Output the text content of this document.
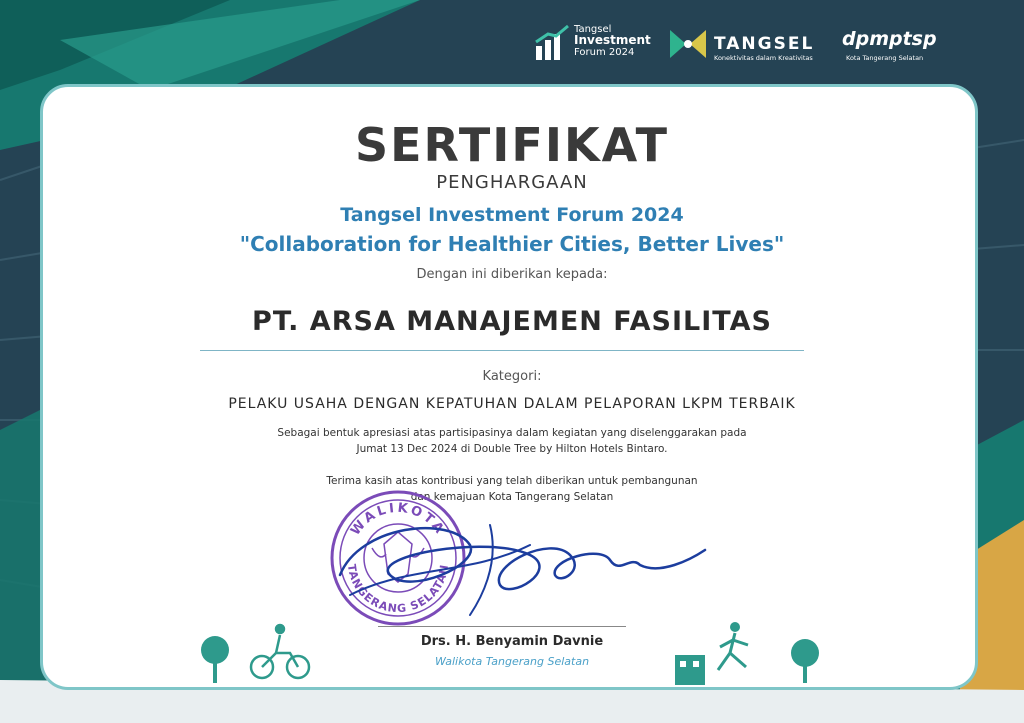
Tangsel
Investment
Forum 2024	TANGSEL
Konektivitas dalam Kreativitas
dpmptsp
Kota Tangerang Selatan
SERTIFIKAT
PENGHARGAAN
Tangsel Investment Forum 2024
"Collaboration for Healthier Cities, Better Lives"
Dengan ini diberikan kepada:
PT. ARSA MANAJEMEN FASILITAS
Kategori:
PELAKU USAHA DENGAN KEPATUHAN DALAM PELAPORAN LKPM TERBAIK
Sebagai bentuk apresiasi atas partisipasinya dalam kegiatan yang diselenggarakan pada
Jumat 13 Dec 2024 di Double Tree by Hilton Hotels Bintaro.
Terima kasih atas kontribusi yang telah diberikan untuk pembangunan
dan kemajuan Kota Tangerang Selatan
WALIKOTA
TANGERANG SELATAN
Drs. H. Benyamin Davnie
Walikota Tangerang Selatan
